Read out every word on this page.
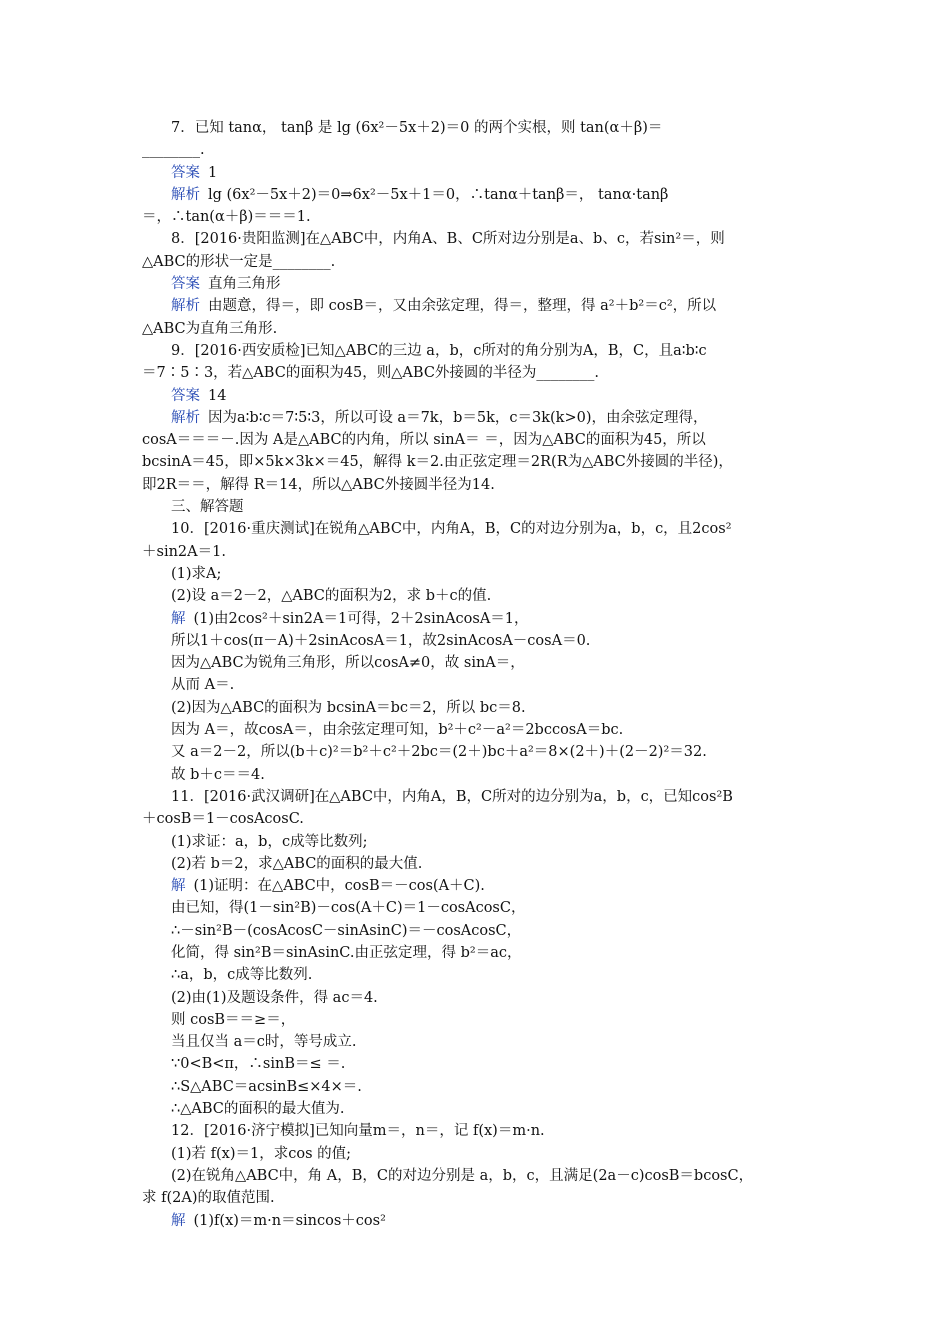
7．已知 tanα， tanβ 是 lg (6x²－5x＋2)＝0 的两个实根，则 tan(α＋β)＝
________.
答案 1
解析 lg (6x²－5x＋2)＝0⇒6x²－5x＋1＝0，∴tanα＋tanβ＝， tanα·tanβ
＝，∴tan(α＋β)＝＝＝1.
8．[2016·贵阳监测]在△ABC中，内角A、B、C所对边分别是a、b、c，若sin²＝，则
△ABC的形状一定是________.
答案 直角三角形
解析 由题意，得＝，即 cosB＝，又由余弦定理，得＝，整理，得 a²＋b²＝c²，所以
△ABC为直角三角形.
9．[2016·西安质检]已知△ABC的三边 a，b，c所对的角分别为A，B，C，且a∶b∶c
＝7∶5∶3，若△ABC的面积为45，则△ABC外接圆的半径为________.
答案 14
解析 因为a∶b∶c＝7∶5∶3，所以可设 a＝7k，b＝5k，c＝3k(k>0)，由余弦定理得，
cosA＝＝＝－.因为 A是△ABC的内角，所以 sinA＝ ＝，因为△ABC的面积为45，所以
bcsinA＝45，即×5k×3k×＝45，解得 k＝2.由正弦定理＝2R(R为△ABC外接圆的半径)，
即2R＝＝，解得 R＝14，所以△ABC外接圆半径为14.
三、解答题
10．[2016·重庆测试]在锐角△ABC中，内角A，B，C的对边分别为a，b，c，且2cos²
＋sin2A＝1.
(1)求A;
(2)设 a＝2－2，△ABC的面积为2，求 b＋c的值.
解 (1)由2cos²＋sin2A＝1可得，2＋2sinAcosA＝1，
所以1＋cos(π－A)＋2sinAcosA＝1，故2sinAcosA－cosA＝0.
因为△ABC为锐角三角形，所以cosA≠0，故 sinA＝，
从而 A＝.
(2)因为△ABC的面积为 bcsinA＝bc＝2，所以 bc＝8.
因为 A＝，故cosA＝，由余弦定理可知，b²＋c²－a²＝2bccosA＝bc.
又 a＝2－2，所以(b＋c)²＝b²＋c²＋2bc＝(2＋)bc＋a²＝8×(2＋)＋(2－2)²＝32.
故 b＋c＝＝4.
11．[2016·武汉调研]在△ABC中，内角A，B，C所对的边分别为a，b，c，已知cos²B
＋cosB＝1－cosAcosC.
(1)求证：a，b，c成等比数列;
(2)若 b＝2，求△ABC的面积的最大值.
解 (1)证明：在△ABC中，cosB＝－cos(A＋C).
由已知，得(1－sin²B)－cos(A＋C)＝1－cosAcosC，
∴－sin²B－(cosAcosC－sinAsinC)＝－cosAcosC，
化简，得 sin²B＝sinAsinC.由正弦定理，得 b²＝ac，
∴a，b，c成等比数列.
(2)由(1)及题设条件，得 ac＝4.
则 cosB＝＝≥＝，
当且仅当 a＝c时，等号成立.
∵0<B<π，∴sinB＝≤ ＝.
∴S△ABC＝acsinB≤×4×＝.
∴△ABC的面积的最大值为.
12．[2016·济宁模拟]已知向量m＝，n＝，记 f(x)＝m·n.
(1)若 f(x)＝1，求cos 的值;
(2)在锐角△ABC中，角 A，B，C的对边分别是 a，b，c，且满足(2a－c)cosB＝bcosC，
求 f(2A)的取值范围.
解 (1)f(x)＝m·n＝sincos＋cos²
